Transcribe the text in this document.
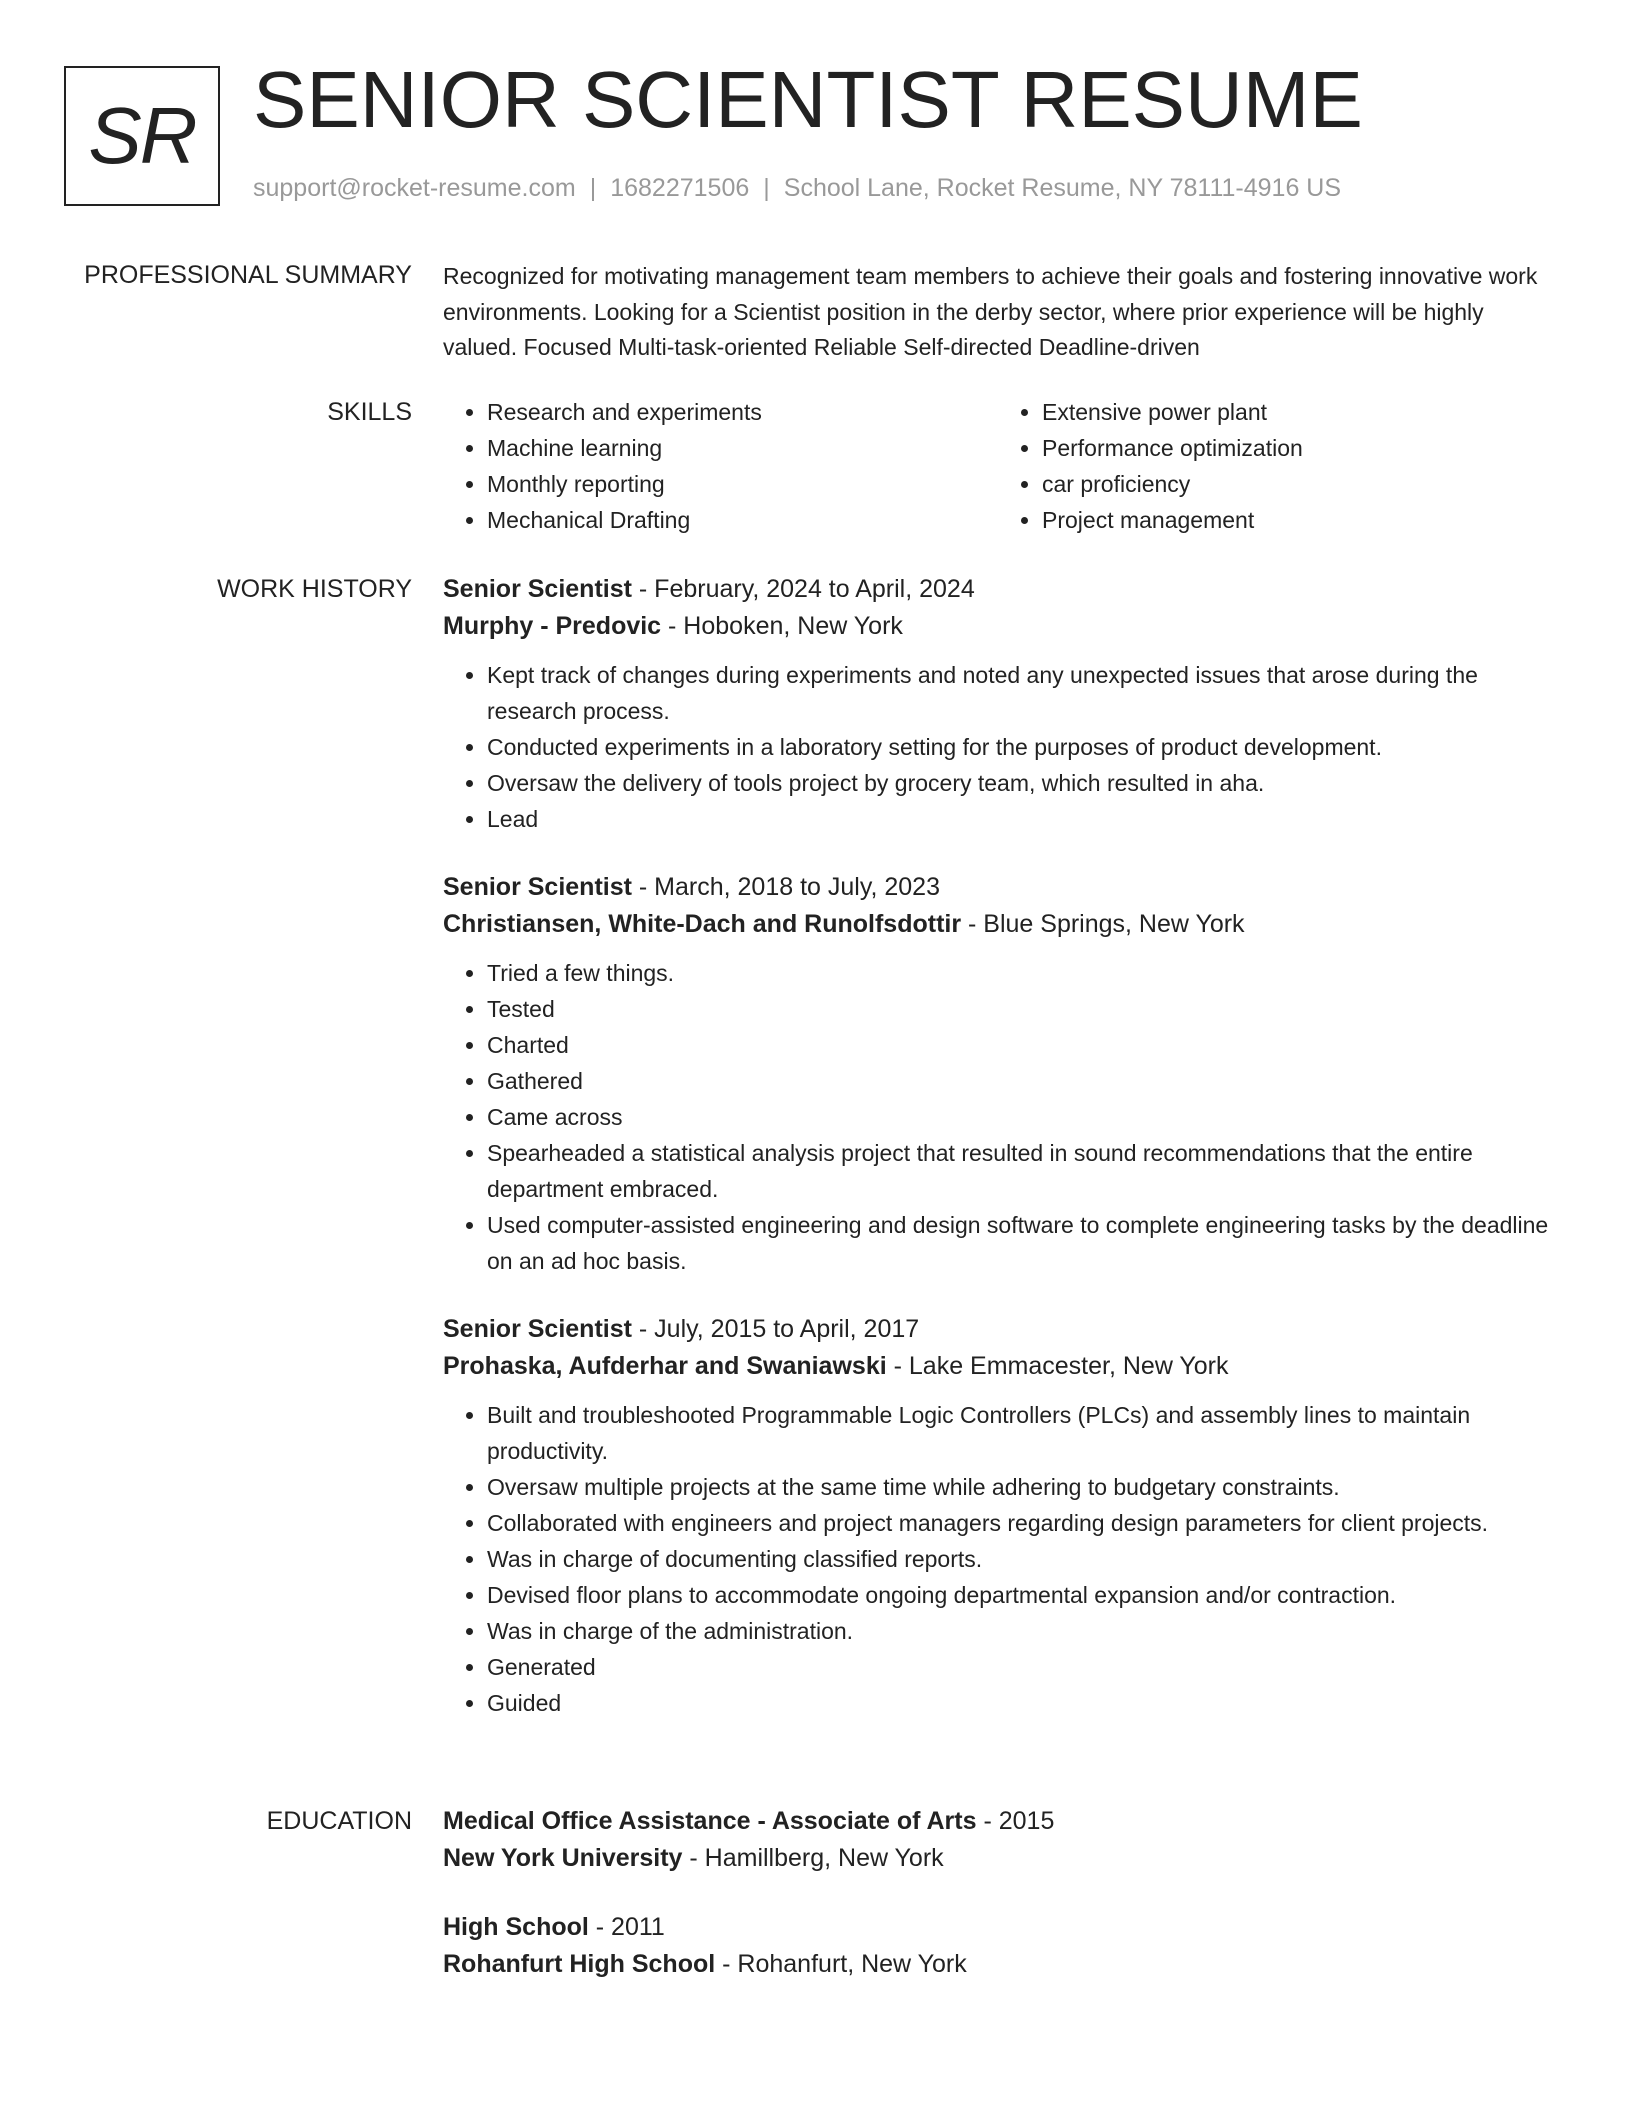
SR SENIOR SCIENTIST RESUME
support@rocket-resume.com | 1682271506 | School Lane, Rocket Resume, NY 78111-4916 US
PROFESSIONAL SUMMARY Recognized for motivating management team members to achieve their goals and fostering innovative work environments. Looking for a Scientist position in the derby sector, where prior experience will be highly valued. Focused Multi-task-oriented Reliable Self-directed Deadline-driven

SKILLS
•	Research and experiments
• Machine learning
• Monthly reporting
• Mechanical Drafting
• Extensive power plant
• Performance optimization
• car proficiency
• Project management
WORK HISTORY Senior Scientist - February, 2024 to April, 2024
Murphy - Predovic - Hoboken, New York
• Kept track of changes during experiments and noted any unexpected issues that arose during the research process.
• Conducted experiments in a laboratory setting for the purposes of product development.
• Oversaw the delivery of tools project by grocery team, which resulted in aha.
• Lead
Senior Scientist - March, 2018 to July, 2023
Christiansen, White-Dach and Runolfsdottir - Blue Springs, New York
• Tried a few things.
• Tested
• Charted
• Gathered
• Came across
• Spearheaded a statistical analysis project that resulted in sound recommendations that the entire department embraced.
• Used computer-assisted engineering and design software to complete engineering tasks by the deadline on an ad hoc basis.
Senior Scientist - July, 2015 to April, 2017
Prohaska, Aufderhar and Swaniawski - Lake Emmacester, New York
• Built and troubleshooted Programmable Logic Controllers (PLCs) and assembly lines to maintain productivity.
• Oversaw multiple projects at the same time while adhering to budgetary constraints.
• Collaborated with engineers and project managers regarding design parameters for client projects.
• Was in charge of documenting classified reports.
• Devised floor plans to accommodate ongoing departmental expansion and/or contraction.
• Was in charge of the administration.
• Generated
• Guided
EDUCATION Medical Office Assistance - Associate of Arts - 2015
New York University - Hamillberg, New York
High School - 2011
Rohanfurt High School - Rohanfurt, New York
